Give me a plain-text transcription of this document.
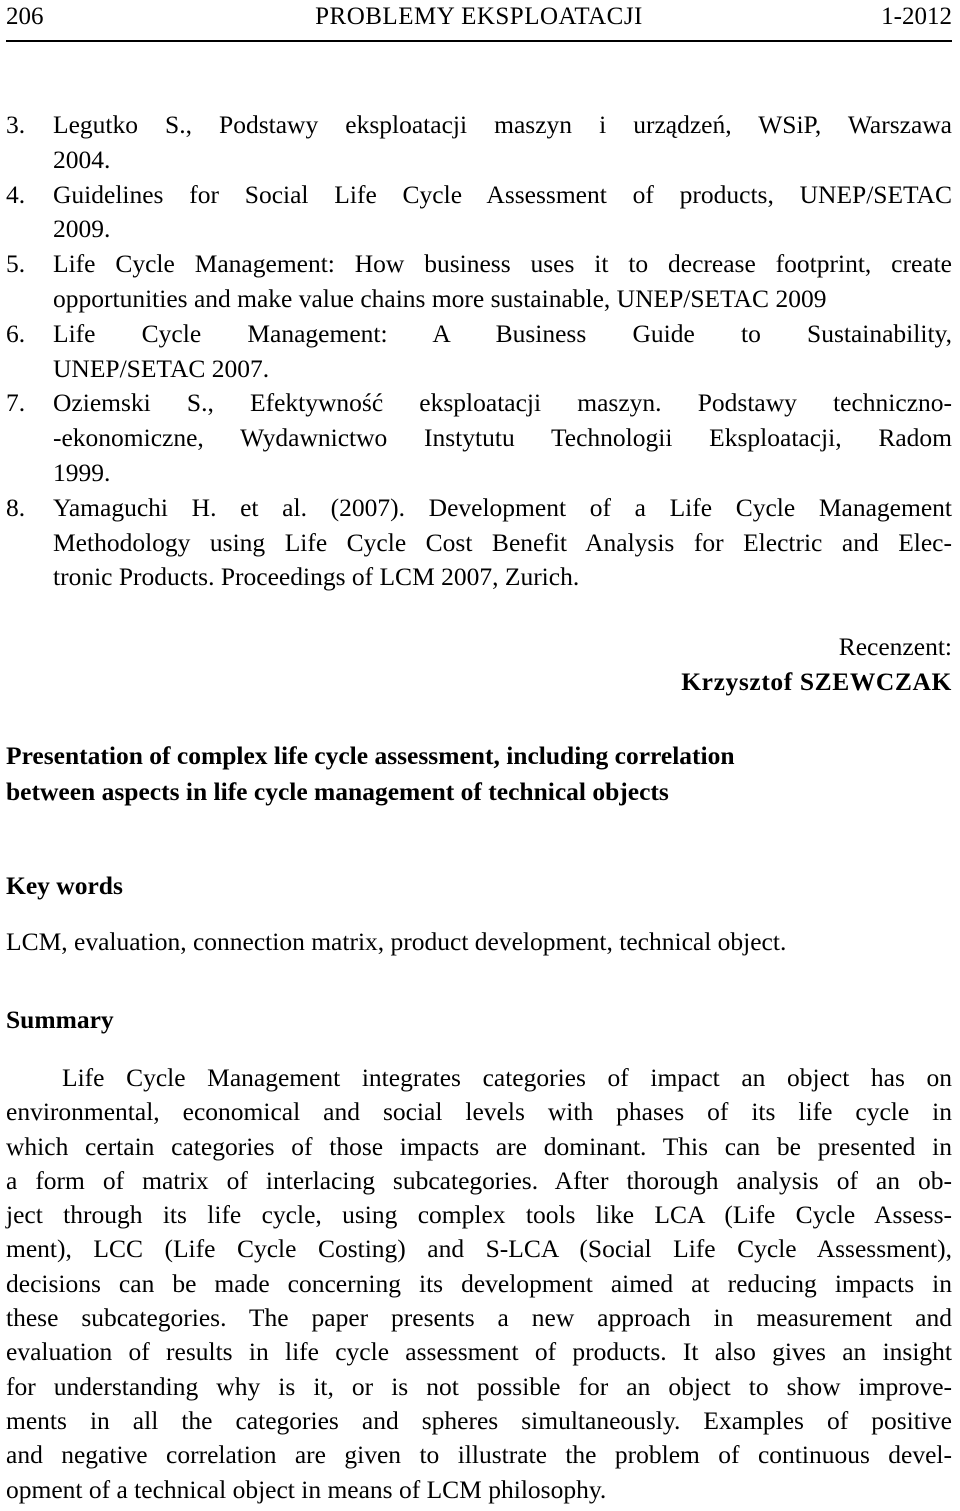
206	PROBLEMY EKSPLOATACJI	1-2012
3.	Legutko S., Podstawy eksploatacji maszyn i urządzeń, WSiP, Warszawa
2004.
4.	Guidelines for Social Life Cycle Assessment of products, UNEP/SETAC
2009.
5.	Life Cycle Management: How business uses it to decrease footprint, create
opportunities and make value chains more sustainable, UNEP/SETAC 2009
6.	Life Cycle Management: A Business Guide to Sustainability,
UNEP/SETAC 2007.
7.	Oziemski S., Efektywność eksploatacji maszyn. Podstawy techniczno-
-ekonomiczne, Wydawnictwo Instytutu Technologii Eksploatacji, Radom
1999.
8.	Yamaguchi H. et al. (2007). Development of a Life Cycle Management
Methodology using Life Cycle Cost Benefit Analysis for Electric and Elec-
tronic Products. Proceedings of LCM 2007, Zurich.
Recenzent:
Krzysztof SZEWCZAK
Presentation of complex life cycle assessment, including correlation
between aspects in life cycle management of technical objects
Key words
LCM, evaluation, connection matrix, product development, technical object.
Summary
Life Cycle Management integrates categories of impact an object has on
environmental, economical and social levels with phases of its life cycle in
which certain categories of those impacts are dominant. This can be presented in
a form of matrix of interlacing subcategories. After thorough analysis of an ob-
ject through its life cycle, using complex tools like LCA (Life Cycle Assess-
ment), LCC (Life Cycle Costing) and S-LCA (Social Life Cycle Assessment),
decisions can be made concerning its development aimed at reducing impacts in
these subcategories. The paper presents a new approach in measurement and
evaluation of results in life cycle assessment of products. It also gives an insight
for understanding why is it, or is not possible for an object to show improve-
ments in all the categories and spheres simultaneously. Examples of positive
and negative correlation are given to illustrate the problem of continuous devel-
opment of a technical object in means of LCM philosophy.
